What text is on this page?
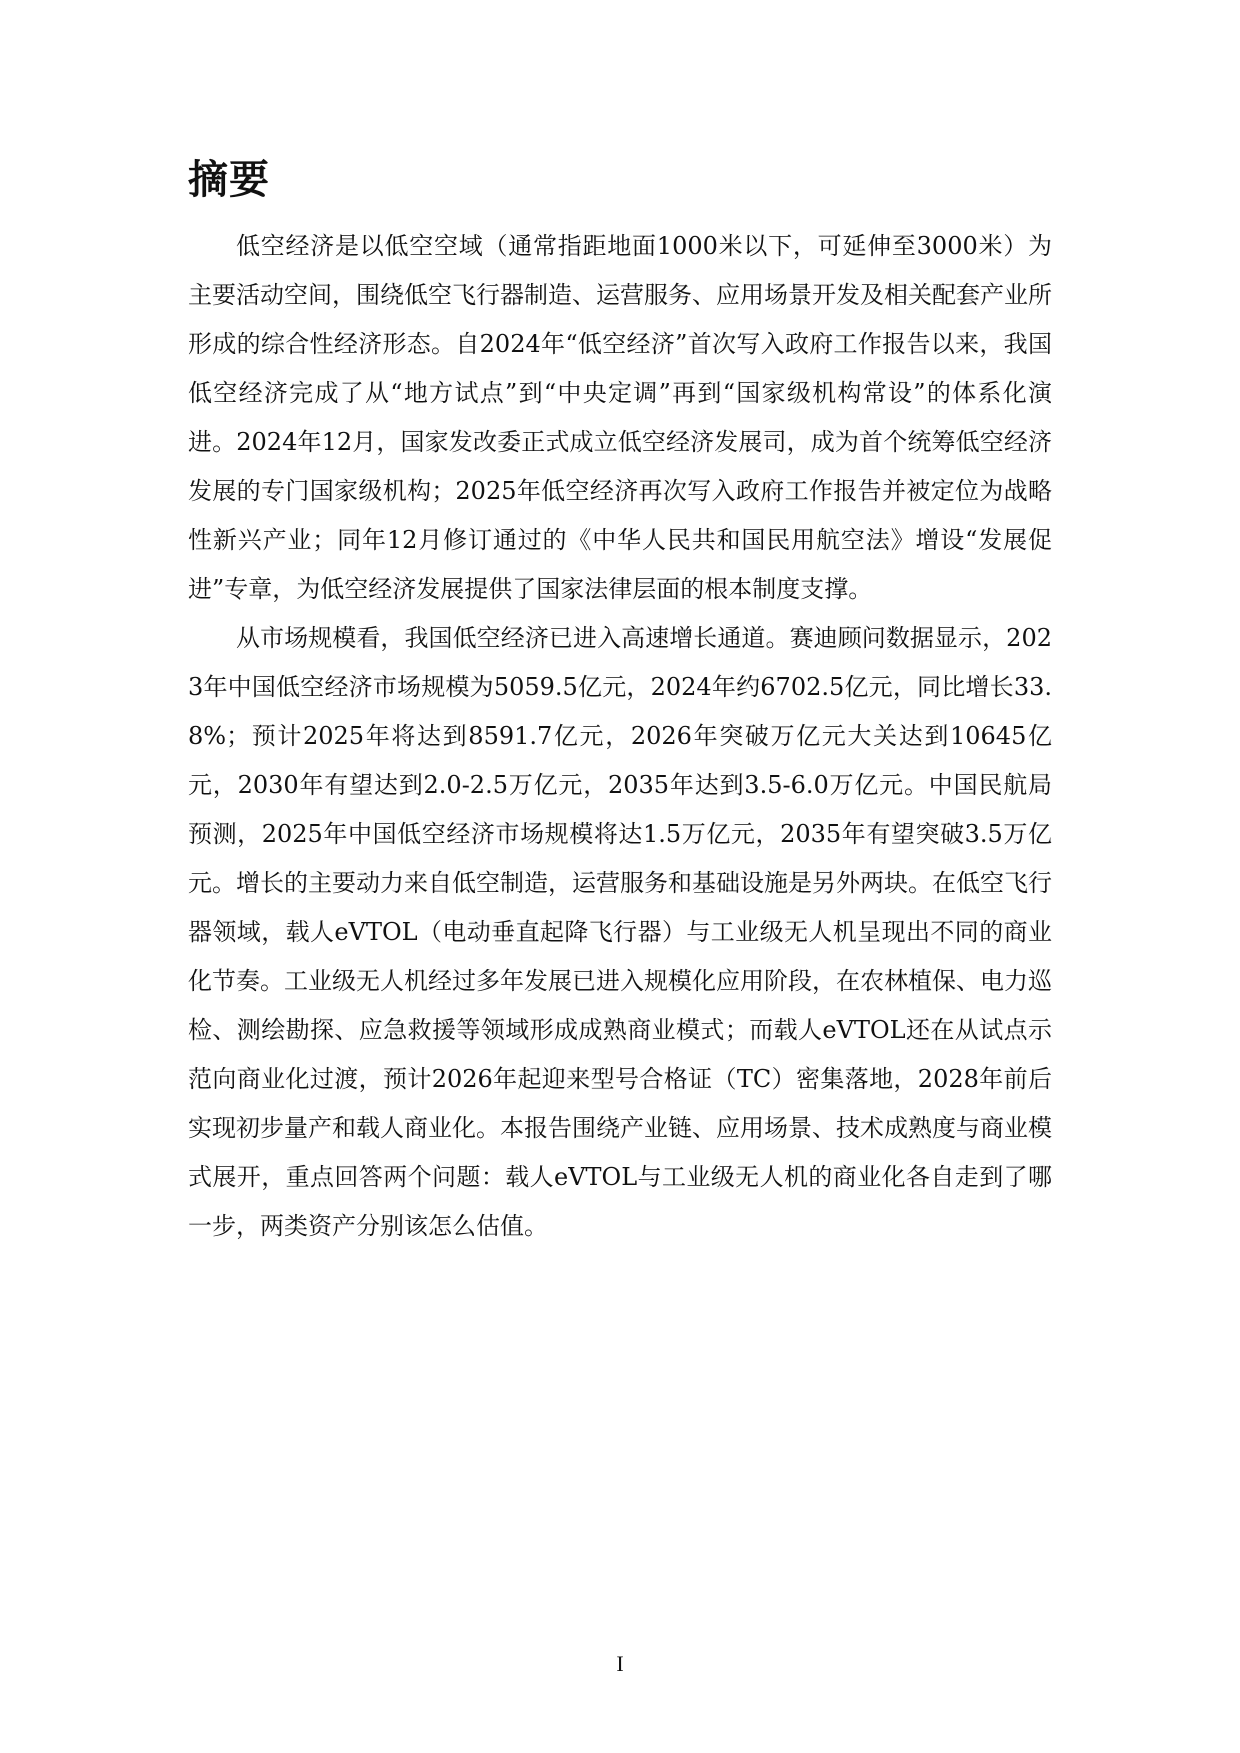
摘要

低空经济是以低空空域（通常指距地面1000米以下，可延伸至3000米）为主要活动空间，围绕低空飞行器制造、运营服务、应用场景开发及相关配套产业所形成的综合性经济形态。自2024年“低空经济”首次写入政府工作报告以来，我国低空经济完成了从“地方试点”到“中央定调”再到“国家级机构常设”的体系化演进。2024年12月，国家发改委正式成立低空经济发展司，成为首个统筹低空经济发展的专门国家级机构；2025年低空经济再次写入政府工作报告并被定位为战略性新兴产业；同年12月修订通过的《中华人民共和国民用航空法》增设“发展促进”专章，为低空经济发展提供了国家法律层面的根本制度支撑。

从市场规模看，我国低空经济已进入高速增长通道。赛迪顾问数据显示，2023年中国低空经济市场规模为5059.5亿元，2024年约6702.5亿元，同比增长33.8%；预计2025年将达到8591.7亿元，2026年突破万亿元大关达到10645亿元，2030年有望达到2.0-2.5万亿元，2035年达到3.5-6.0万亿元。中国民航局预测，2025年中国低空经济市场规模将达1.5万亿元，2035年有望突破3.5万亿元。增长的主要动力来自低空制造，运营服务和基础设施是另外两块。在低空飞行器领域，载人eVTOL（电动垂直起降飞行器）与工业级无人机呈现出不同的商业化节奏。工业级无人机经过多年发展已进入规模化应用阶段，在农林植保、电力巡检、测绘勘探、应急救援等领域形成成熟商业模式；而载人eVTOL还在从试点示范向商业化过渡，预计2026年起迎来型号合格证（TC）密集落地，2028年前后实现初步量产和载人商业化。本报告围绕产业链、应用场景、技术成熟度与商业模式展开，重点回答两个问题：载人eVTOL与工业级无人机的商业化各自走到了哪一步，两类资产分别该怎么估值。

I
